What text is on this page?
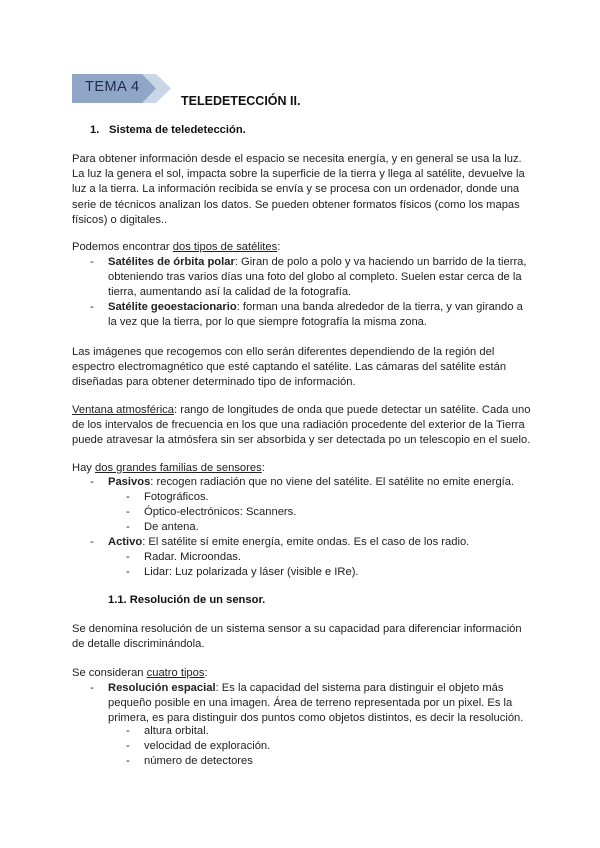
TEMA 4
TELEDETECCIÓN II.
1. Sistema de teledetección.

Para obtener información desde el espacio se necesita energía, y en general se usa la luz. La luz la genera el sol, impacta sobre la superficie de la tierra y llega al satélite, devuelve la luz a la tierra. La información recibida se envía y se procesa con un ordenador, donde una serie de técnicos analizan los datos. Se pueden obtener formatos físicos (como los mapas físicos) o digitales..

Podemos encontrar dos tipos de satélites:

- Satélites de órbita polar: Giran de polo a polo y va haciendo un barrido de la tierra, obteniendo tras varios días una foto del globo al completo. Suelen estar cerca de la tierra, aumentando así la calidad de la fotografía.
- Satélite geoestacionario: forman una banda alrededor de la tierra, y van girando a la vez que la tierra, por lo que siempre fotografía la misma zona.

Las imágenes que recogemos con ello serán diferentes dependiendo de la región del espectro electromagnético que esté captando el satélite. Las cámaras del satélite están diseñadas para obtener determinado tipo de información.

Ventana atmosférica: rango de longitudes de onda que puede detectar un satélite. Cada uno de los intervalos de frecuencia en los que una radiación procedente del exterior de la Tierra puede atravesar la atmósfera sin ser absorbida y ser detectada po un telescopio en el suelo.

Hay dos grandes familias de sensores:

- Pasivos: recogen radiación que no viene del satélite. El satélite no emite energía.
- Fotográficos.
- Óptico-electrónicos: Scanners.
- De antena.
- Activo: El satélite sí emite energía, emite ondas. Es el caso de los radio.
- Radar. Microondas.
- Lidar: Luz polarizada y láser (visible e IRe).
1.1. Resolución de un sensor.

Se denomina resolución de un sistema sensor a su capacidad para diferenciar información de detalle discriminándola.

Se consideran cuatro tipos:

- Resolución espacial: Es la capacidad del sistema para distinguir el objeto más pequeño posible en una imagen. Área de terreno representada por un pixel. Es la primera, es para distinguir dos puntos como objetos distintos, es decir la resolución.
- altura orbital.
- velocidad de exploración.
- número de detectores
